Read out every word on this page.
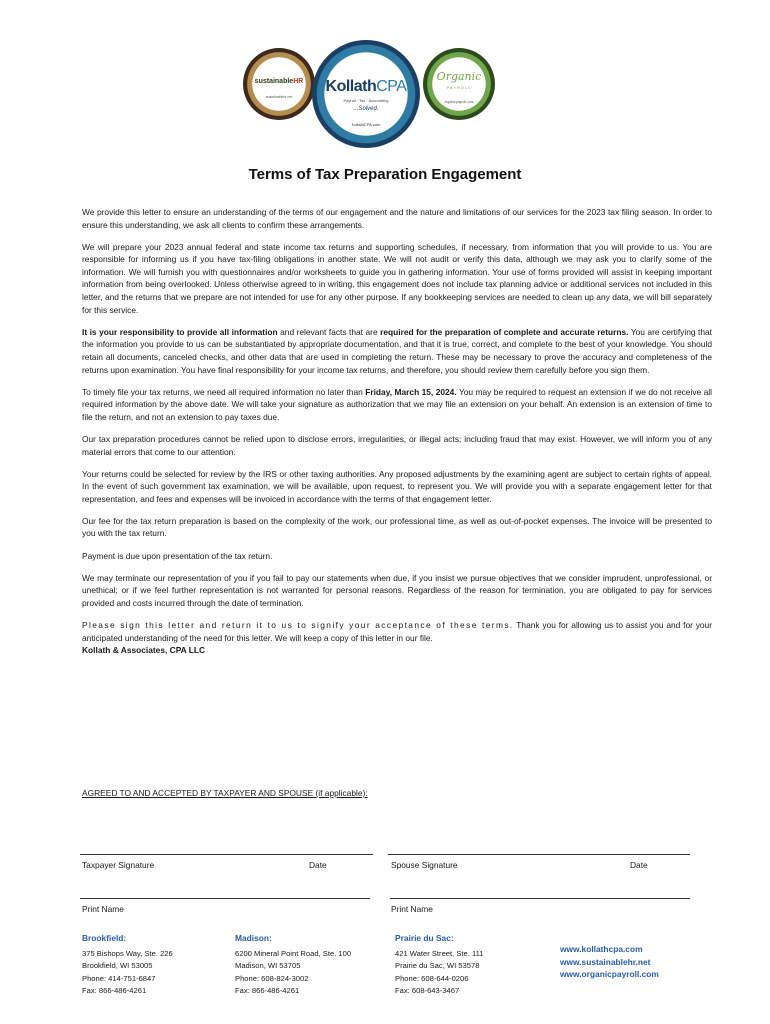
sustainableHR
sustainablehr.net
KollathCPA
Payroll · Tax · Accounting
...Solved.
KollathCPA.com
Organic
PAYROLL
organicpayroll.com
Terms of Tax Preparation Engagement

We provide this letter to ensure an understanding of the terms of our engagement and the nature and limitations of our services for the 2023 tax filing season. In order to ensure this understanding, we ask all clients to confirm these arrangements.

We will prepare your 2023 annual federal and state income tax returns and supporting schedules, if necessary, from information that you will provide to us. You are responsible for informing us if you have tax-filing obligations in another state. We will not audit or verify this data, although we may ask you to clarify some of the information. We will furnish you with questionnaires and/or worksheets to guide you in gathering information. Your use of forms provided will assist in keeping important information from being overlooked. Unless otherwise agreed to in writing, this engagement does not include tax planning advice or additional services not included in this letter, and the returns that we prepare are not intended for use for any other purpose. If any bookkeeping services are needed to clean up any data, we will bill separately for this service.

It is your responsibility to provide all information and relevant facts that are required for the preparation of complete and accurate returns. You are certifying that the information you provide to us can be substantiated by appropriate documentation, and that it is true, correct, and complete to the best of your knowledge. You should retain all documents, canceled checks, and other data that are used in completing the return. These may be necessary to prove the accuracy and completeness of the returns upon examination. You have final responsibility for your income tax returns, and therefore, you should review them carefully before you sign them.

To timely file your tax returns, we need all required information no later than Friday, March 15, 2024. You may be required to request an extension if we do not receive all required information by the above date. We will take your signature as authorization that we may file an extension on your behalf. An extension is an extension of time to file the return, and not an extension to pay taxes due.

Our tax preparation procedures cannot be relied upon to disclose errors, irregularities, or illegal acts; including fraud that may exist. However, we will inform you of any material errors that come to our attention.

Your returns could be selected for review by the IRS or other taxing authorities. Any proposed adjustments by the examining agent are subject to certain rights of appeal. In the event of such government tax examination, we will be available, upon request, to represent you. We will provide you with a separate engagement letter for that representation, and fees and expenses will be invoiced in accordance with the terms of that engagement letter.

Our fee for the tax return preparation is based on the complexity of the work, our professional time, as well as out-of-pocket expenses. The invoice will be presented to you with the tax return.

Payment is due upon presentation of the tax return.

We may terminate our representation of you if you fail to pay our statements when due, if you insist we pursue objectives that we consider imprudent, unprofessional, or unethical; or if we feel further representation is not warranted for personal reasons. Regardless of the reason for termination, you are obligated to pay for services provided and costs incurred through the date of termination.

Please sign this letter and return it to us to signify your acceptance of these terms. Thank you for allowing us to assist you and for your anticipated understanding of the need for this letter. We will keep a copy of this letter in our file.

Kollath & Associates, CPA LLC
AGREED TO AND ACCEPTED BY TAXPAYER AND SPOUSE (if applicable):
Taxpayer Signature	Date	Spouse Signature	Date
Print Name	Print Name
Brookfield:
375 Bishops Way, Ste. 226
Brookfield, WI 53005
Phone: 414-751-6847
Fax: 866-486-4261
Madison:
6200 Mineral Point Road, Ste. 100
Madison, WI 53705
Phone: 608-824-3002
Fax: 866-486-4261
Prairie du Sac:
421 Water Street, Ste. 111
Prairie du Sac, WI 53578
Phone: 608-644-0206
Fax: 608-643-3467
www.kollathcpa.com
www.sustainablehr.net
www.organicpayroll.com
